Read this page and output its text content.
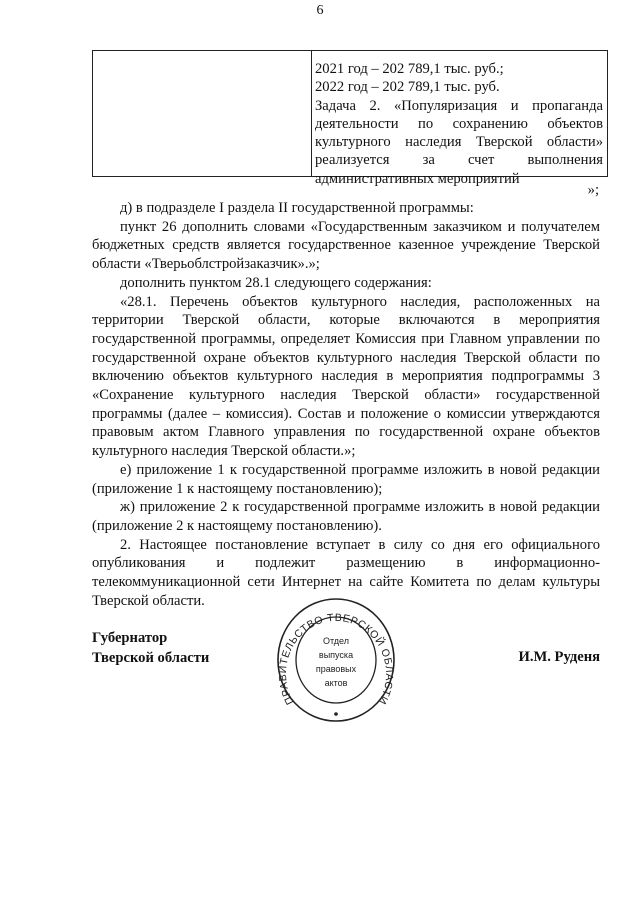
6
2021 год – 202 789,1 тыс. руб.;
2022 год – 202 789,1 тыс. руб.
Задача 2. «Популяризация и пропаганда
деятельности по сохранению объектов
культурного наследия Тверской области»
реализуется за счет выполнения
административных мероприятий
»;

д) в подразделе I раздела II государственной программы:

пункт 26 дополнить словами «Государственным заказчиком и получателем бюджетных средств является государственное казенное учреждение Тверской области «Тверьоблстройзаказчик».»;

дополнить пунктом 28.1 следующего содержания:

«28.1. Перечень объектов культурного наследия, расположенных на территории Тверской области, которые включаются в мероприятия государственной программы, определяет Комиссия при Главном управлении по государственной охране объектов культурного наследия Тверской области по включению объектов культурного наследия в мероприятия подпрограммы 3 «Сохранение культурного наследия Тверской области» государственной программы (далее – комиссия). Состав и положение о комиссии утверждаются правовым актом Главного управления по государственной охране объектов культурного наследия Тверской области.»;

е) приложение 1 к государственной программе изложить в новой редакции (приложение 1 к настоящему постановлению);

ж) приложение 2 к государственной программе изложить в новой редакции (приложение 2 к настоящему постановлению).

2. Настоящее постановление вступает в силу со дня его официального опубликования и подлежит размещению в информационно-телекоммуникационной сети Интернет на сайте Комитета по делам культуры Тверской области.

Губернатор
Тверской области
ПРАВИТЕЛЬСТВО ТВЕРСКОЙ ОБЛАСТИ
Отдел
выпуска
правовых
актов
И.М. Руденя
